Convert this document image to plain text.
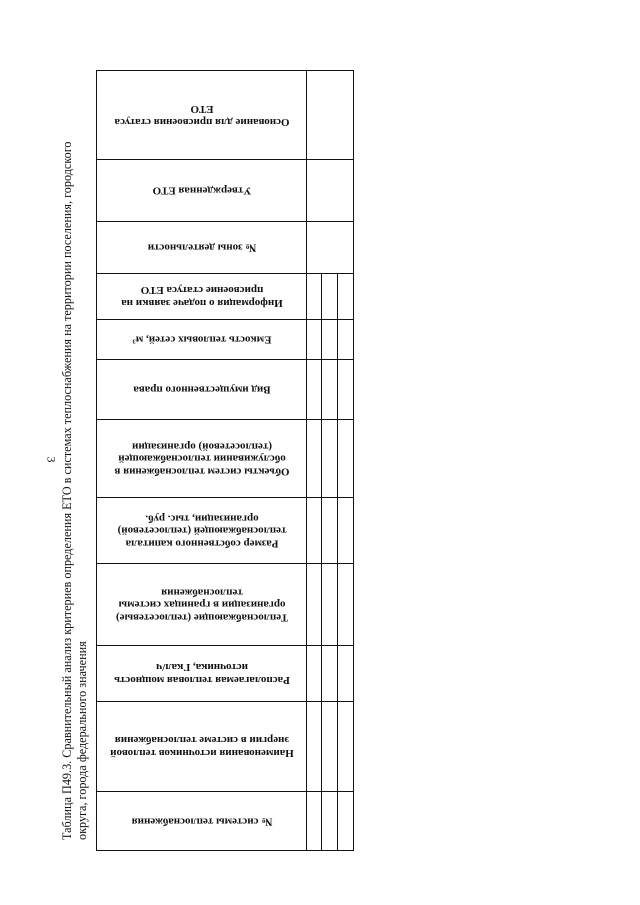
3 Таблица П49.3. Сравнительный анализ критериев определения ЕТО в системах теплоснабжения на территории поселения, городского округа, города федерального значения
Основание для присвоения статуса ЕТО
Утвержденная ЕТО
№ зоны деятельности
Информация о подаче заявки на присвоение статуса ЕТО
Емкость тепловых сетей, м³
Вид имущественного права
Объекты систем теплоснабжения в обслуживании теплоснабжающей (теплосетевой) организации
Размер собственного капитала теплоснабжающей (теплосетевой) организации, тыс. руб.
Теплоснабжающие (теплосетевые) организации в границах системы теплоснабжения
Располагаемая тепловая мощность источника, Гкал/ч
Наименования источников тепловой энергии в системе теплоснабжения
№ системы теплоснабжения
